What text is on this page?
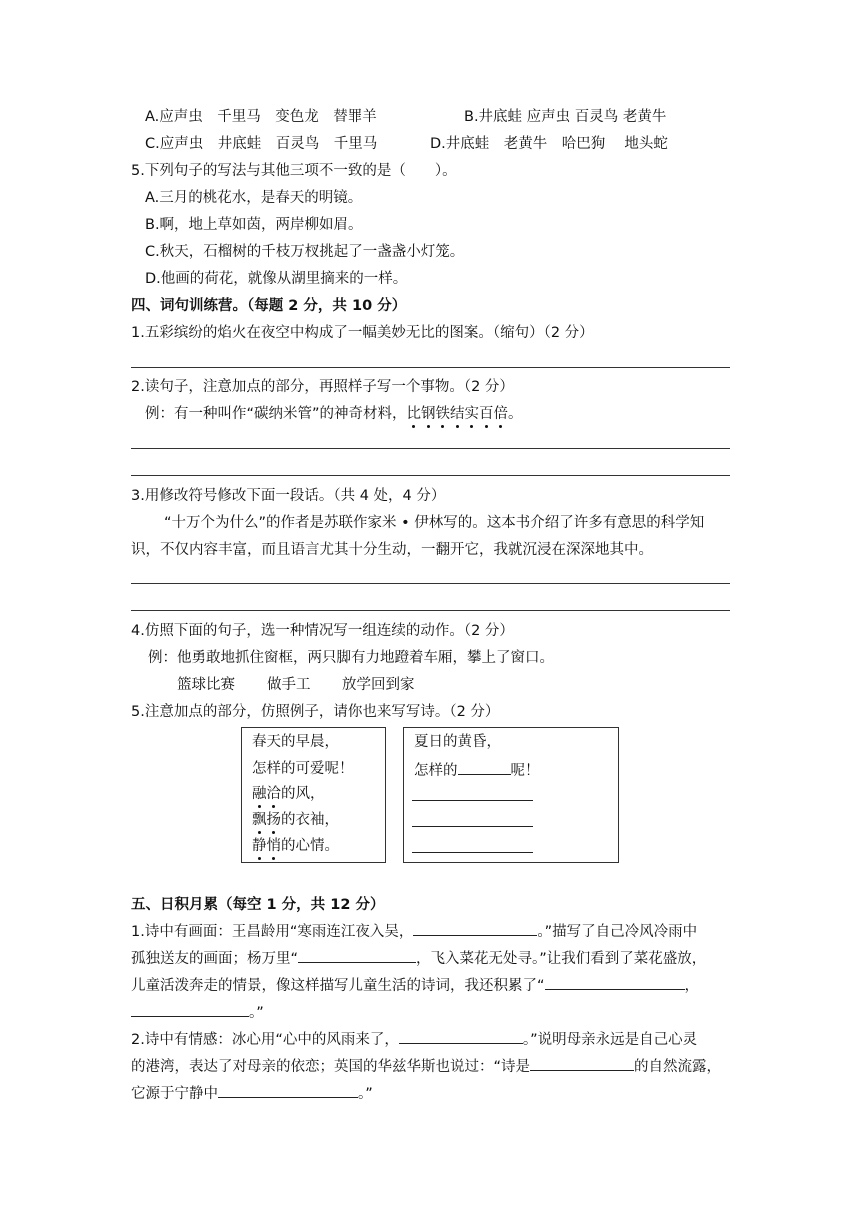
A.应声虫　千里马　变色龙　替罪羊	B.井底蛙 应声虫 百灵鸟 老黄牛
C.应声虫　井底蛙　百灵鸟　千里马	D.井底蛙　老黄牛　哈巴狗　 地头蛇
5.下列句子的写法与其他三项不一致的是（　　）。
A.三月的桃花水，是春天的明镜。
B.啊，地上草如茵，两岸柳如眉。
C.秋天，石榴树的千枝万杈挑起了一盏盏小灯笼。
D.他画的荷花，就像从湖里摘来的一样。
四、词句训练营。（每题 2 分，共 10 分）
1.五彩缤纷的焰火在夜空中构成了一幅美妙无比的图案。（缩句）（2 分）
2.读句子，注意加点的部分，再照样子写一个事物。（2 分）
例：有一种叫作“碳纳米管”的神奇材料，比钢铁结实百倍。
3.用修改符号修改下面一段话。（共 4 处，4 分）
“十万个为什么”的作者是苏联作家米 • 伊林写的。这本书介绍了许多有意思的科学知
识，不仅内容丰富，而且语言尤其十分生动，一翻开它，我就沉浸在深深地其中。
4.仿照下面的句子，选一种情况写一组连续的动作。（2 分）
例：他勇敢地抓住窗框，两只脚有力地蹬着车厢，攀上了窗口。
篮球比赛 做手工 放学回到家
5.注意加点的部分，仿照例子，请你也来写写诗。（2 分）
春天的早晨，
怎样的可爱呢！
融洽的风，
飘扬的衣袖，
静悄的心情。
夏日的黄昏，
怎样的	呢！
五、日积月累（每空 1 分，共 12 分）
1.诗中有画面：王昌龄用“寒雨连江夜入吴，	。”描写了自己冷风冷雨中
孤独送友的画面；杨万里“	，飞入菜花无处寻。”让我们看到了菜花盛放，
儿童活泼奔走的情景，像这样描写儿童生活的诗词，我还积累了“	，
。”
2.诗中有情感：冰心用“心中的风雨来了，	。”说明母亲永远是自己心灵
的港湾，表达了对母亲的依恋；英国的华兹华斯也说过：“诗是	的自然流露，
它源于宁静中	。”
